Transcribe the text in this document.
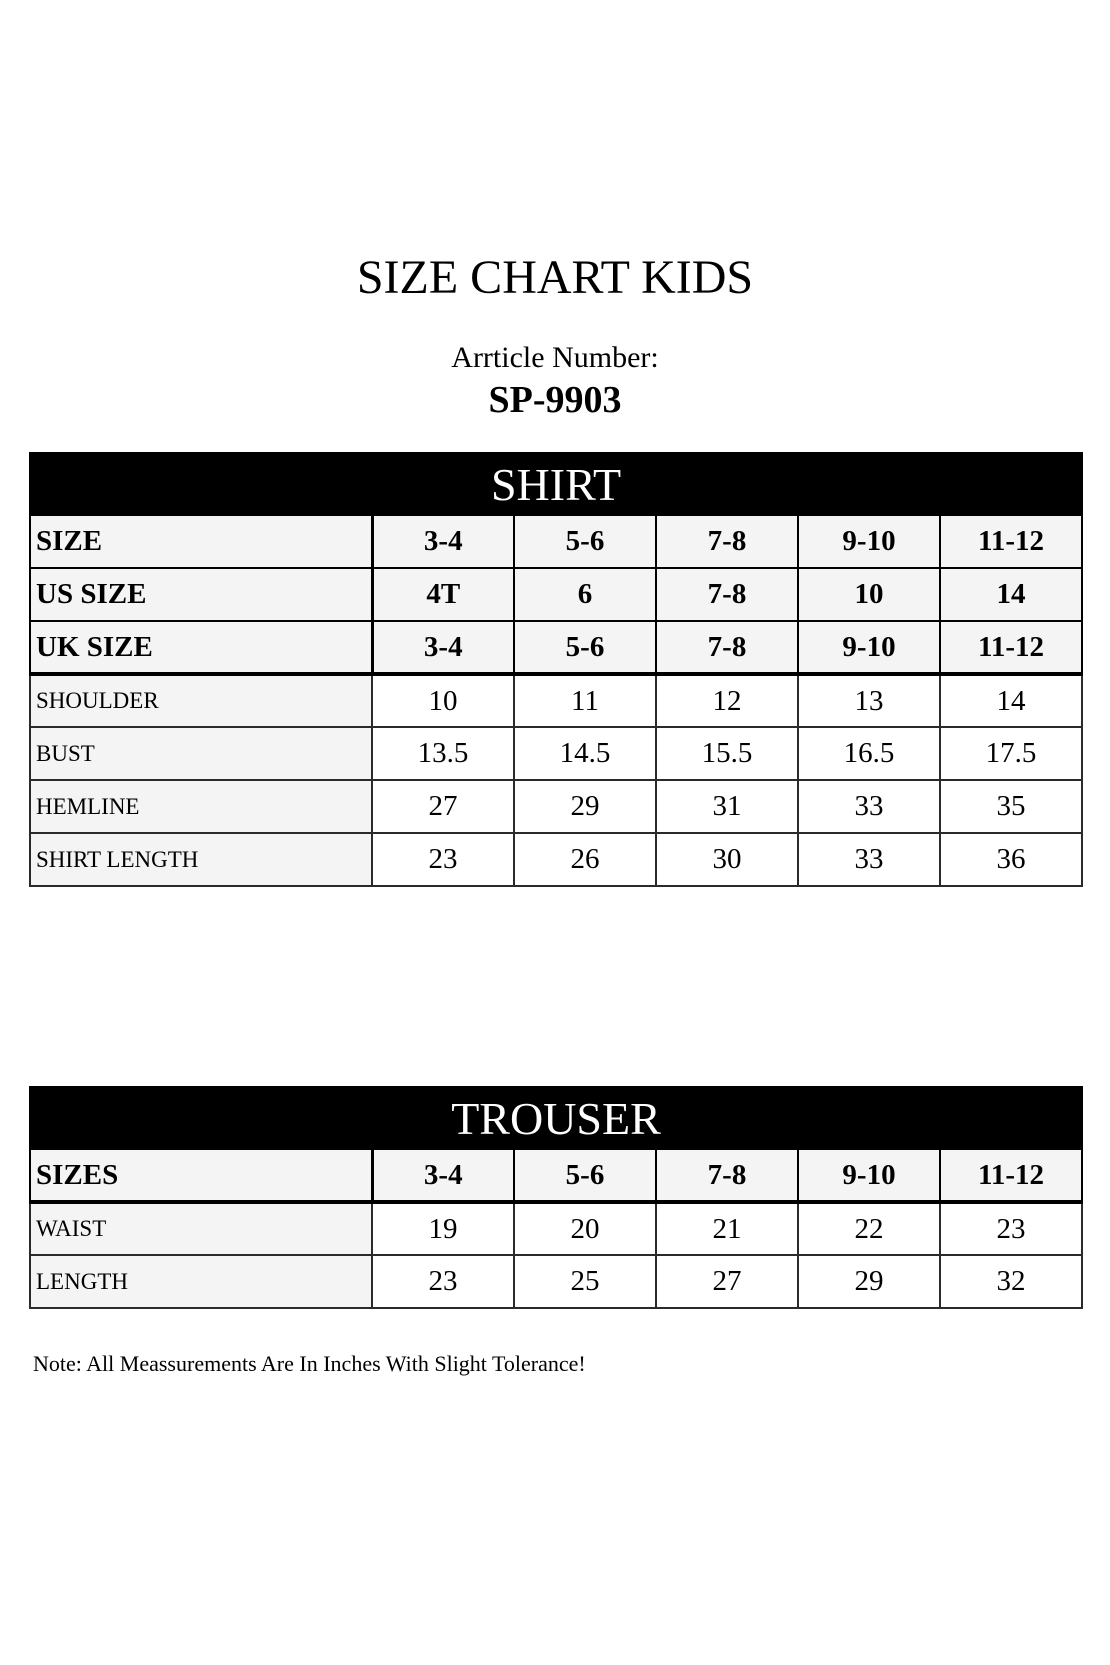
SIZE CHART KIDS
Arrticle Number:
SP-9903
SHIRT					
SIZE	3-4	5-6	7-8	9-10	11-12
US SIZE	4T	6	7-8	10	14
UK SIZE	3-4	5-6	7-8	9-10	11-12
SHOULDER	10	11	12	13	14
BUST	13.5	14.5	15.5	16.5	17.5
HEMLINE	27	29	31	33	35
SHIRT LENGTH	23	26	30	33	36
TROUSER					
SIZES	3-4	5-6	7-8	9-10	11-12
WAIST	19	20	21	22	23
LENGTH	23	25	27	29	32
Note: All Meassurements Are In Inches With Slight Tolerance!
